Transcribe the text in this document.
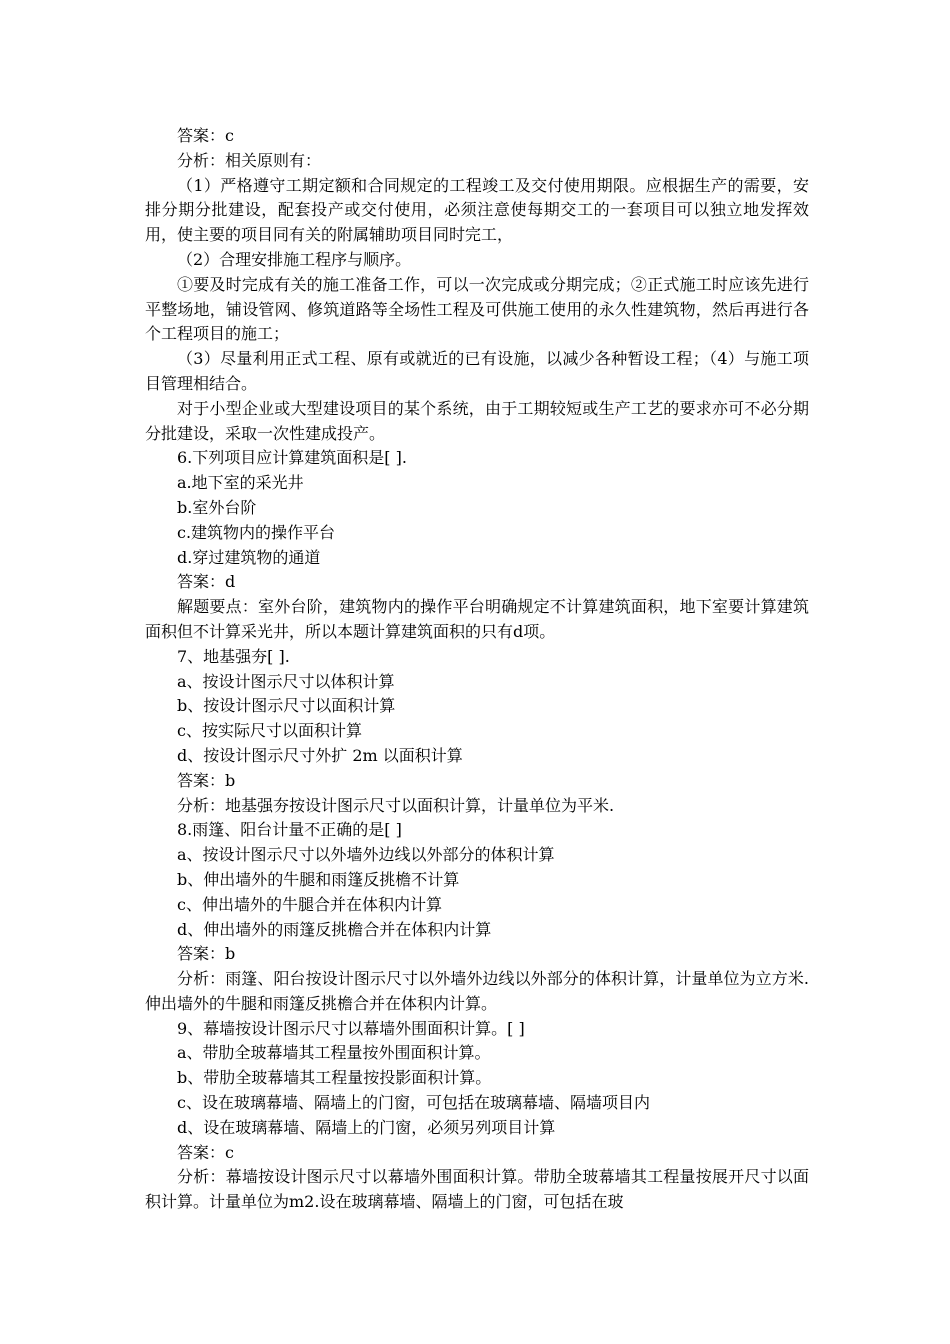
答案：c

分析：相关原则有：

（1）严格遵守工期定额和合同规定的工程竣工及交付使用期限。应根据生产的需要，安排分期分批建设，配套投产或交付使用，必须注意使每期交工的一套项目可以独立地发挥效用，使主要的项目同有关的附属辅助项目同时完工，

（2）合理安排施工程序与顺序。

①要及时完成有关的施工准备工作，可以一次完成或分期完成；②正式施工时应该先进行平整场地，铺设管网、修筑道路等全场性工程及可供施工使用的永久性建筑物，然后再进行各个工程项目的施工；

（3）尽量利用正式工程、原有或就近的已有设施，以减少各种暂设工程；（4）与施工项目管理相结合。

对于小型企业或大型建设项目的某个系统，由于工期较短或生产工艺的要求亦可不必分期分批建设，采取一次性建成投产。

6.下列项目应计算建筑面积是[ ].

a.地下室的采光井

b.室外台阶

c.建筑物内的操作平台

d.穿过建筑物的通道

答案：d

解题要点：室外台阶，建筑物内的操作平台明确规定不计算建筑面积，地下室要计算建筑面积但不计算采光井，所以本题计算建筑面积的只有d项。

7、地基强夯[ ].

a、按设计图示尺寸以体积计算

b、按设计图示尺寸以面积计算

c、按实际尺寸以面积计算

d、按设计图示尺寸外扩 2m 以面积计算

答案：b

分析：地基强夯按设计图示尺寸以面积计算，计量单位为平米.

8.雨篷、阳台计量不正确的是[ ]

a、按设计图示尺寸以外墙外边线以外部分的体积计算

b、伸出墙外的牛腿和雨篷反挑檐不计算

c、伸出墙外的牛腿合并在体积内计算

d、伸出墙外的雨篷反挑檐合并在体积内计算

答案：b

分析：雨篷、阳台按设计图示尺寸以外墙外边线以外部分的体积计算，计量单位为立方米.伸出墙外的牛腿和雨篷反挑檐合并在体积内计算。

9、幕墙按设计图示尺寸以幕墙外围面积计算。[ ]

a、带肋全玻幕墙其工程量按外围面积计算。

b、带肋全玻幕墙其工程量按投影面积计算。

c、设在玻璃幕墙、隔墙上的门窗，可包括在玻璃幕墙、隔墙项目内

d、设在玻璃幕墙、隔墙上的门窗，必须另列项目计算

答案：c

分析：幕墙按设计图示尺寸以幕墙外围面积计算。带肋全玻幕墙其工程量按展开尺寸以面积计算。计量单位为m2.设在玻璃幕墙、隔墙上的门窗，可包括在玻
